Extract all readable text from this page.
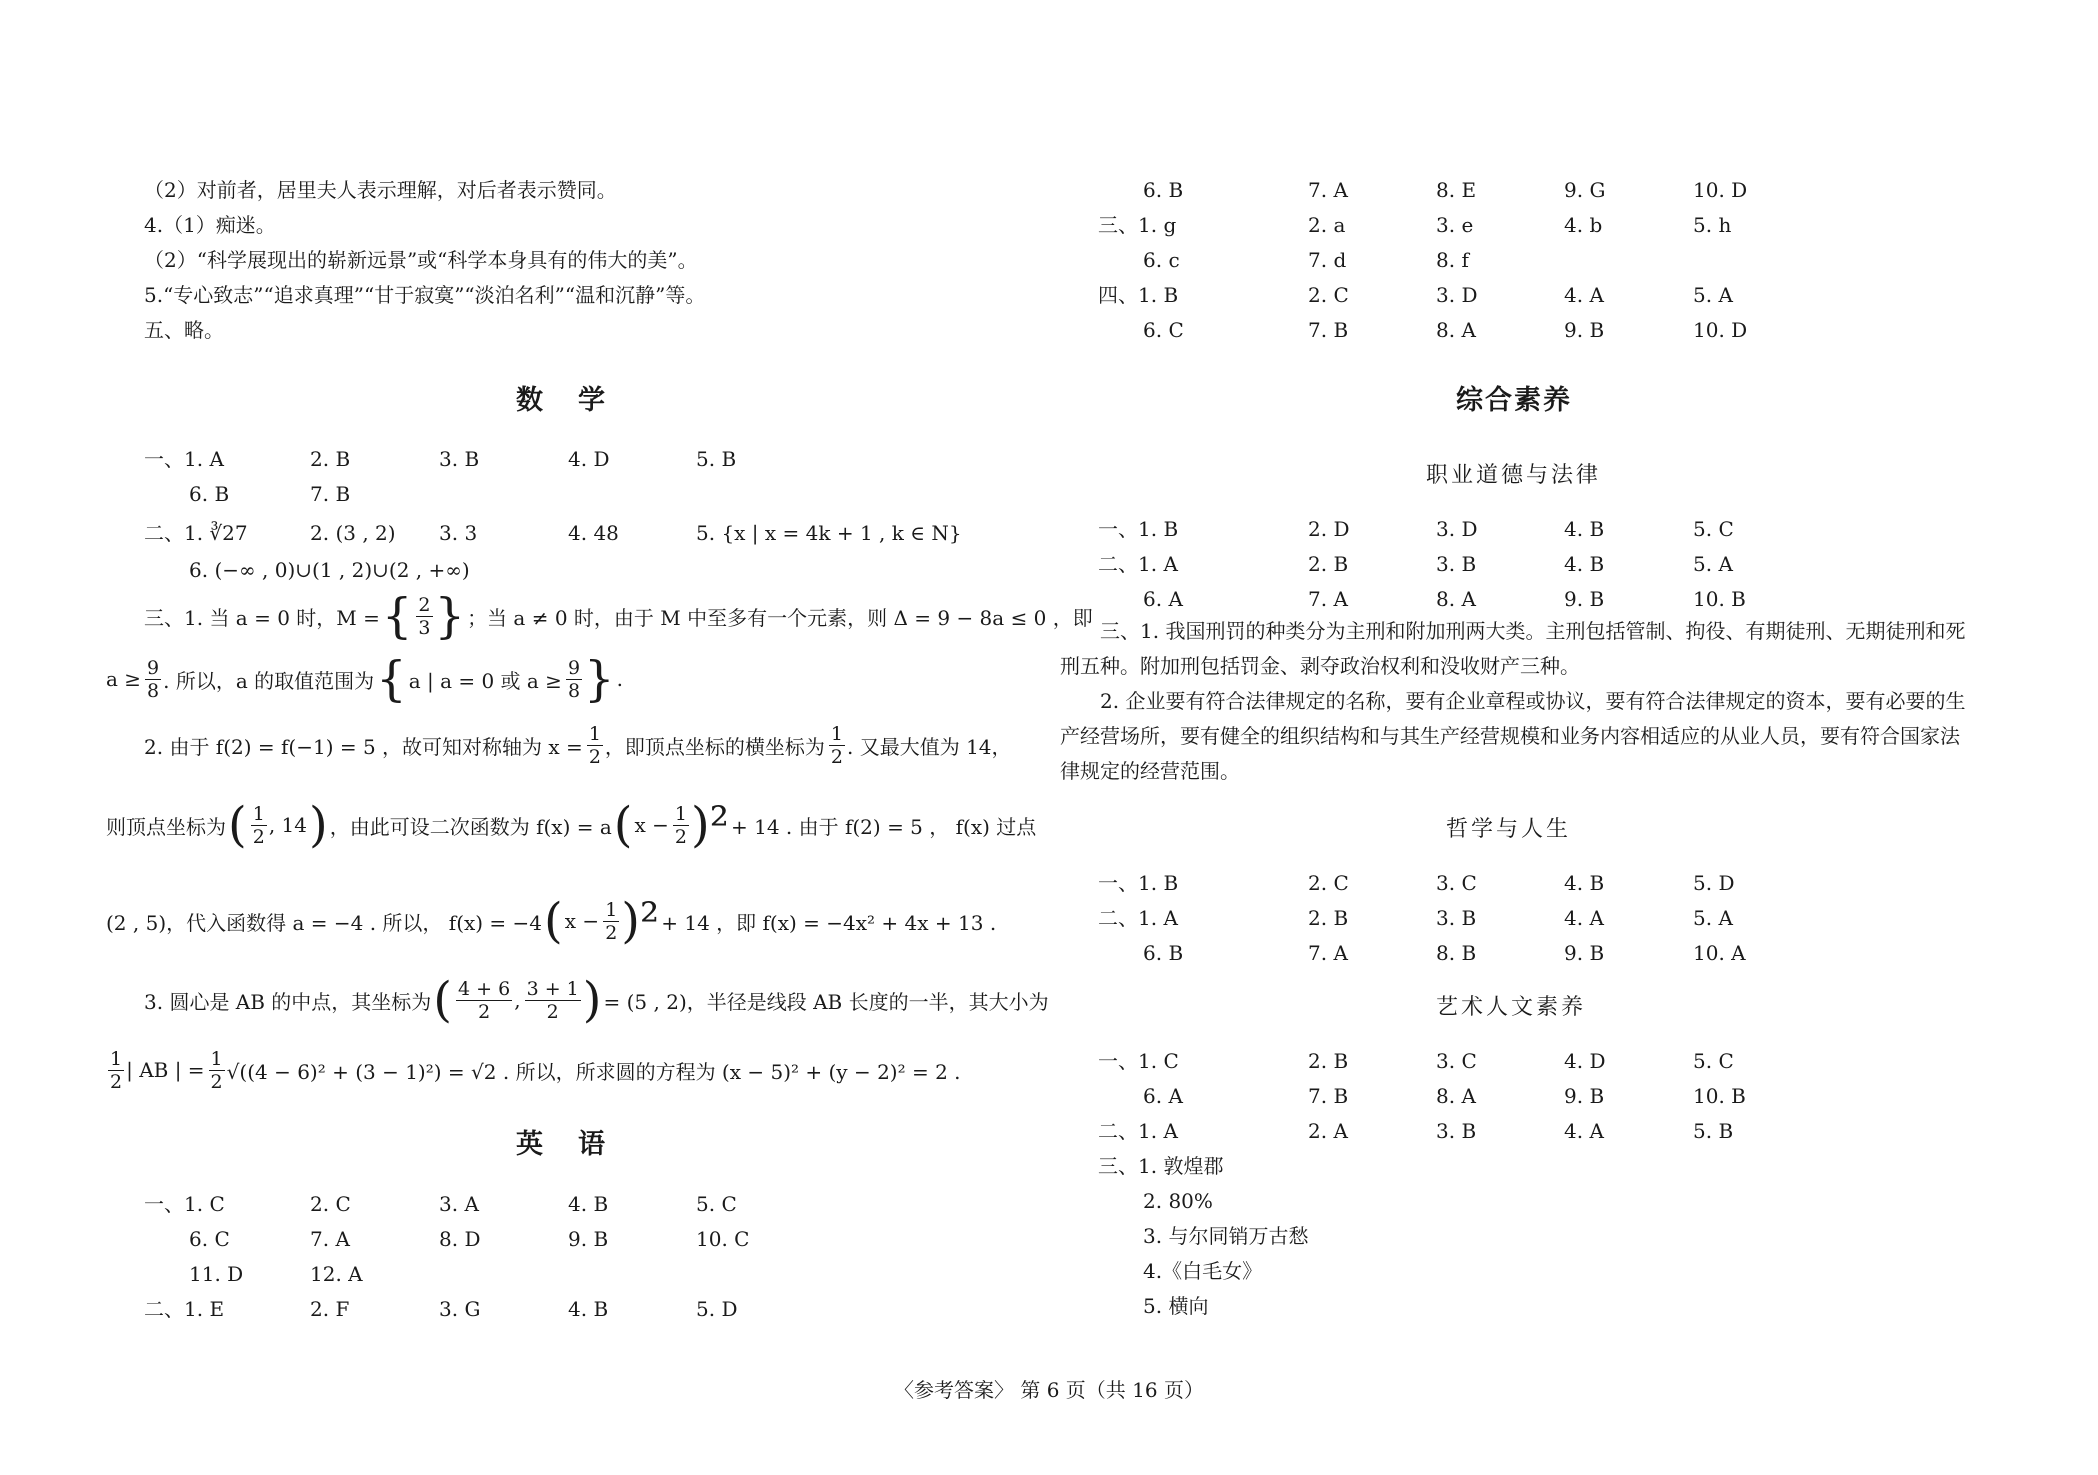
（2）对前者，居里夫人表示理解，对后者表示赞同。
4.（1）痴迷。
（2）“科学展现出的崭新远景”或“科学本身具有的伟大的美”。
5.“专心致志”“追求真理”“甘于寂寞”“淡泊名利”“温和沉静”等。
五、略。
数　学
一、1. A	2. B	3. B	4. D	5. B
6. B	7. B
二、1. ∛27	2. (3 , 2) 3. 3	4. 48	5. {x | x = 4k + 1 , k ∈ N}
6. (−∞ , 0)∪(1 , 2)∪(2 , +∞)
三、1. 当 a = 0 时，M = { $\frac{2}{3}$ } ；当 a ≠ 0 时，由于 M 中至多有一个元素，则 Δ = 9 − 8a ≤ 0 ，即
$a \ge \frac{9}{8}$ . 所以，a 的取值范围为 { a | a = 0 或 $a \ge \frac{9}{8}$ } .
2. 由于 f(2) = f(−1) = 5 ，故可知对称轴为 $x = \frac{1}{2}$ ，即顶点坐标的横坐标为 $\frac{1}{2}$ . 又最大值为 14，
则顶点坐标为 ( $\frac{1}{2}$ , 14 ) ，由此可设二次函数为 f(x) = a ( $x - \frac{1}{2} )^2 + 14$ . 由于 f(2) = 5 ， f(x) 过点
(2 , 5)，代入函数得 a = −4 . 所以， f(x) = −4 ( $x - \frac{1}{2} )^2 + 14$ ，即 f(x) = −4x² + 4x + 13 .
3. 圆心是 AB 的中点，其坐标为 ( $\frac{4 + 6}{2}$ , $\frac{3 + 1}{2}$ ) = (5 , 2)，半径是线段 AB 长度的一半，其大小为
$\frac{1}{2}$ | AB | = $\frac{1}{2} √((4 - 6)^2 + (3 - 1)^2) = √2$ . 所以，所求圆的方程为 (x − 5)² + (y − 2)² = 2 .
英　语
一、1. C	2. C	3. A	4. B	5. C
6. C	7. A	8. D	9. B	10. C
11. D	12. A
二、1. E	2. F	3. G	4. B	5. D
6. B	7. A	8. E	9. G	10. D
三、1. g	2. a	3. e	4. b	5. h
6. c	7. d	8. f
四、1. B	2. C	3. D	4. A	5. A
6. C	7. B	8. A	9. B	10. D
综合素养
职业道德与法律
一、1. B	2. D	3. D	4. B	5. C
二、1. A	2. B	3. B	4. B	5. A
6. A	7. A	8. A	9. B	10. B
三、1. 我国刑罚的种类分为主刑和附加刑两大类。主刑包括管制、拘役、有期徒刑、无期徒刑和死刑五种。附加刑包括罚金、剥夺政治权利和没收财产三种。
2. 企业要有符合法律规定的名称，要有企业章程或协议，要有符合法律规定的资本，要有必要的生产经营场所，要有健全的组织结构和与其生产经营规模和业务内容相适应的从业人员，要有符合国家法律规定的经营范围。
哲学与人生
一、1. B	2. C	3. C	4. B	5. D
二、1. A	2. B	3. B	4. A	5. A
6. B	7. A	8. B	9. B	10. A
艺术人文素养
一、1. C	2. B	3. C	4. D	5. C
6. A	7. B	8. A	9. B	10. B
二、1. A	2. A	3. B	4. A	5. B
三、1. 敦煌郡
2. 80%
3. 与尔同销万古愁
4.《白毛女》
5. 横向
〈参考答案〉 第 6 页（共 16 页）
